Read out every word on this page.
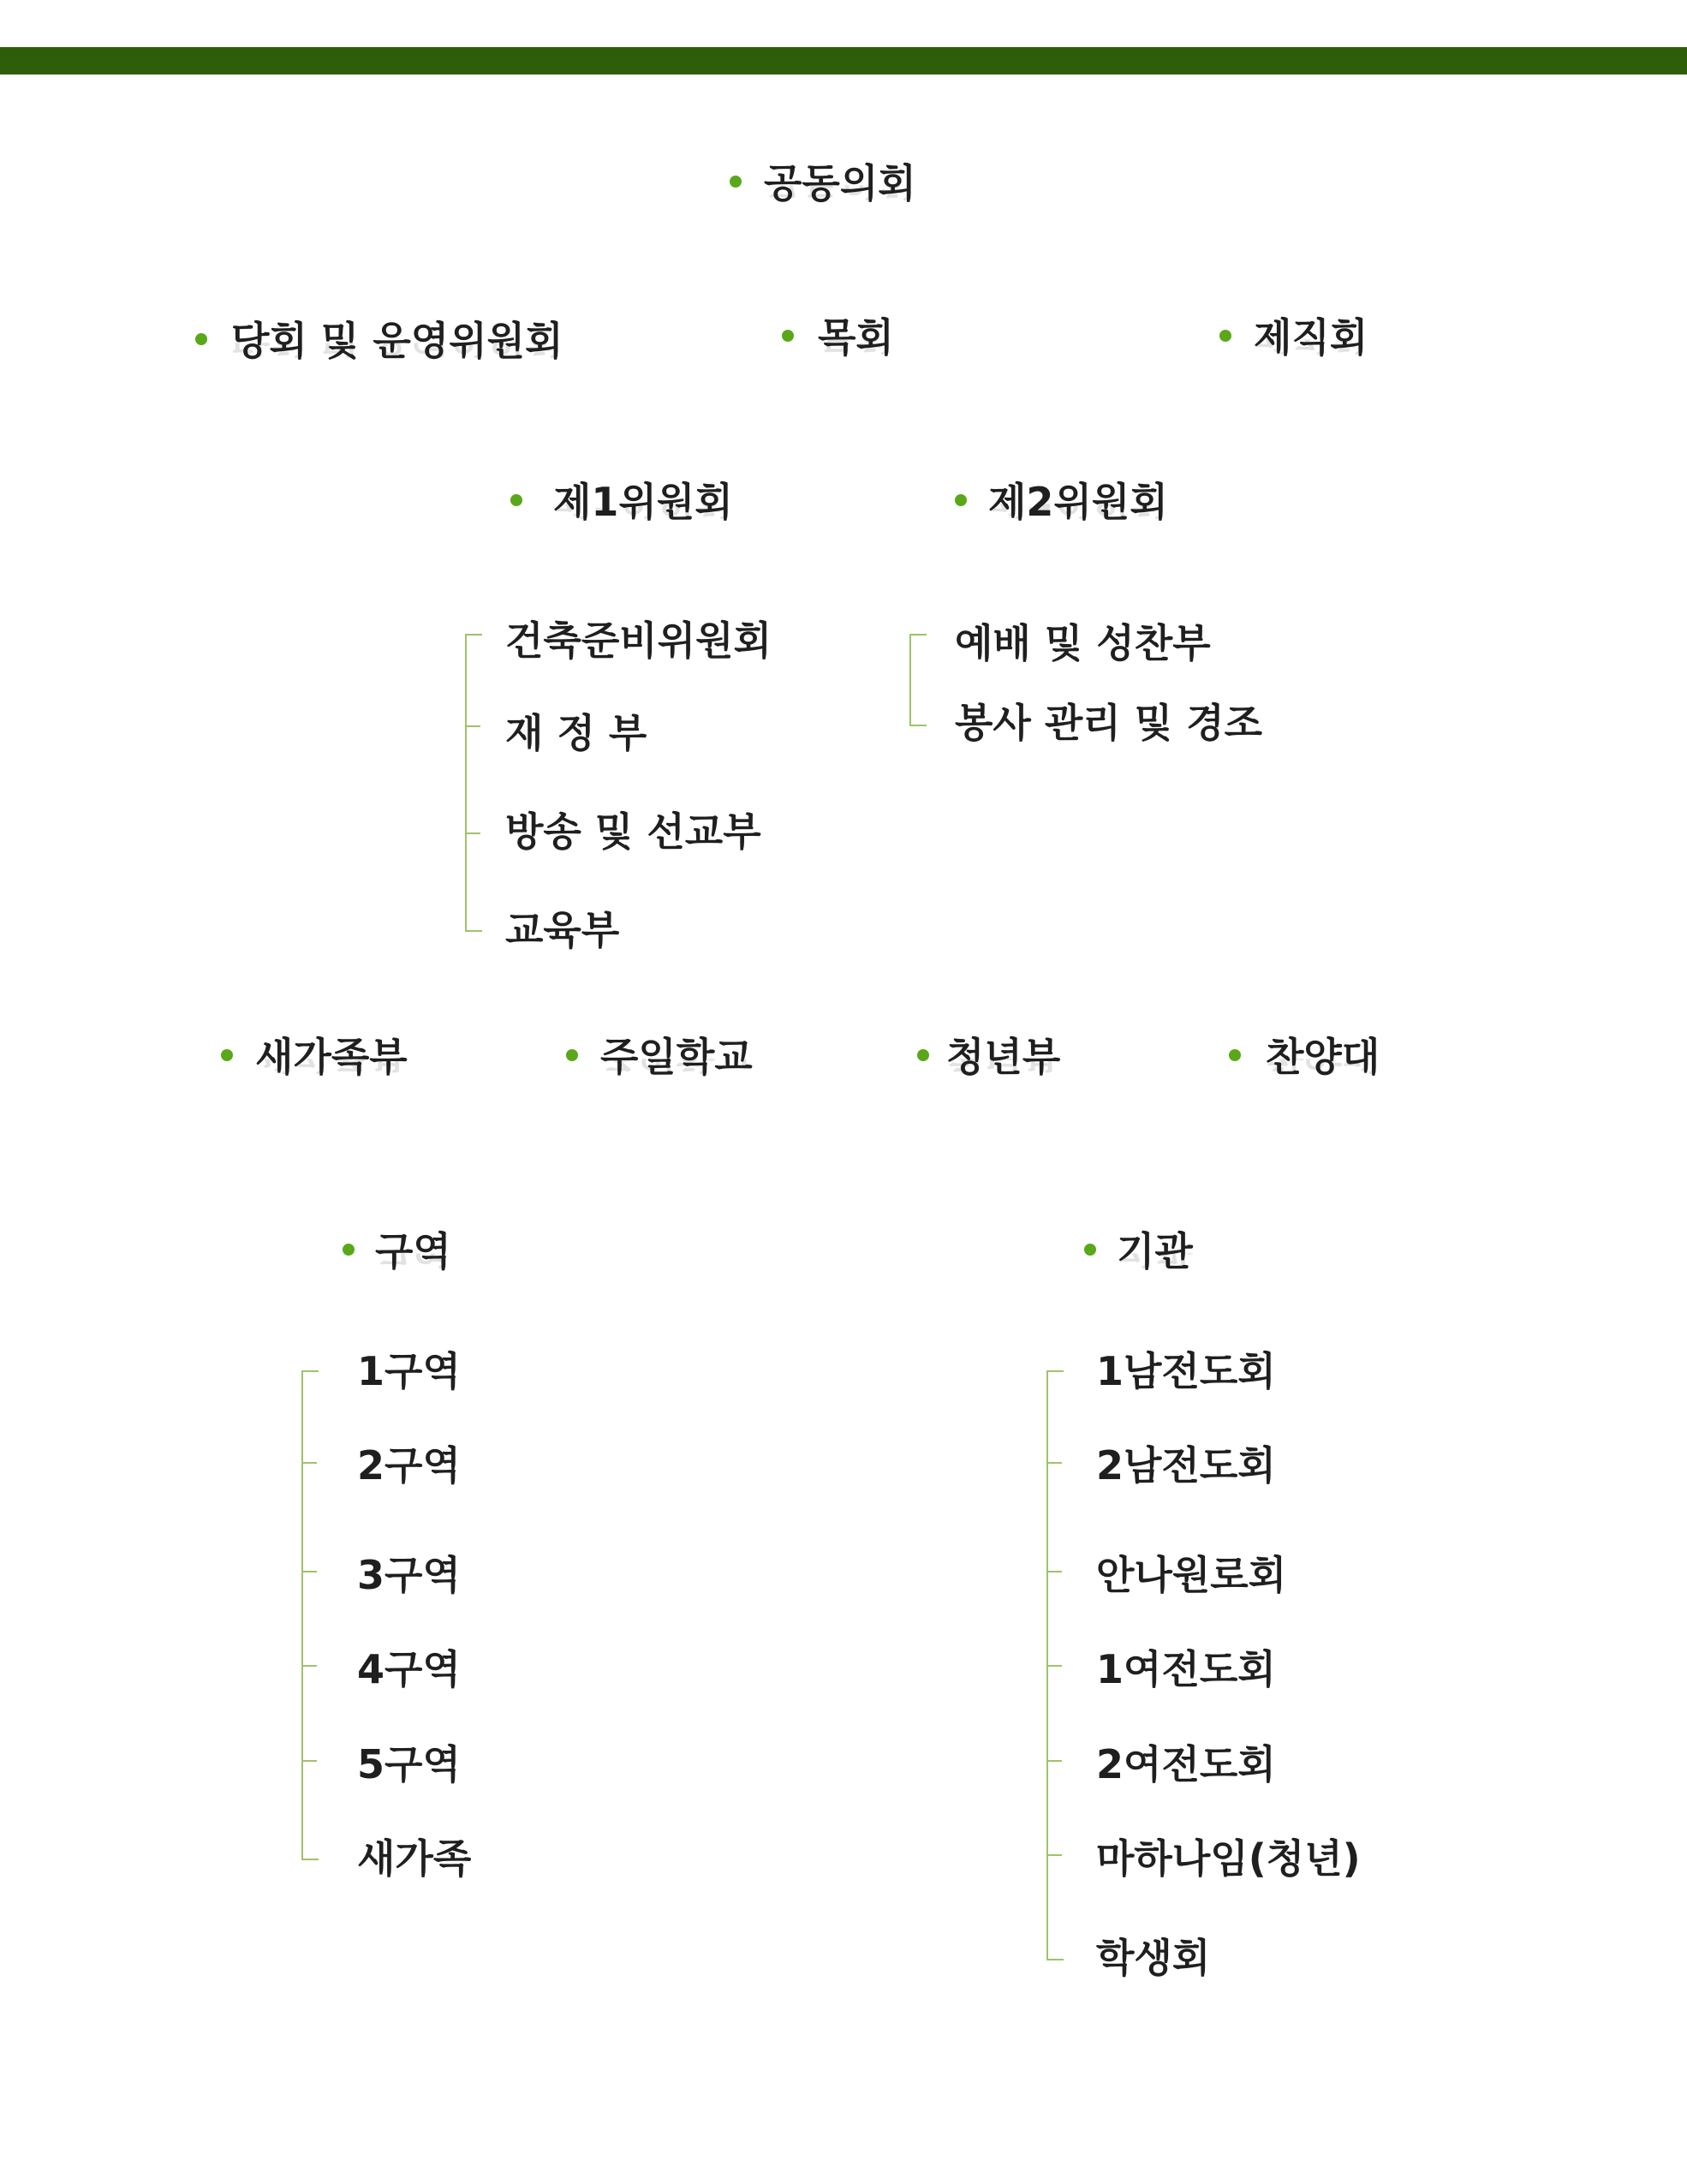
공동의회 공동의회
당회 및 운영위원회 당회 및 운영위원회	목회 목회	제직회 제직회
제1위원회 제1위원회	제2위원회 제2위원회
건축준비위원회
재 정 부
방송 및 선교부
교육부
예배 및 성찬부
봉사 관리 및 경조
새가족부 새가족부	주일학교 주일학교	청년부 청년부	찬양대 찬양대
구역 구역	기관 기관
1구역
2구역
3구역
4구역
5구역
새가족
1남전도회
2남전도회
안나원로회
1여전도회
2여전도회
마하나임(청년)
학생회
